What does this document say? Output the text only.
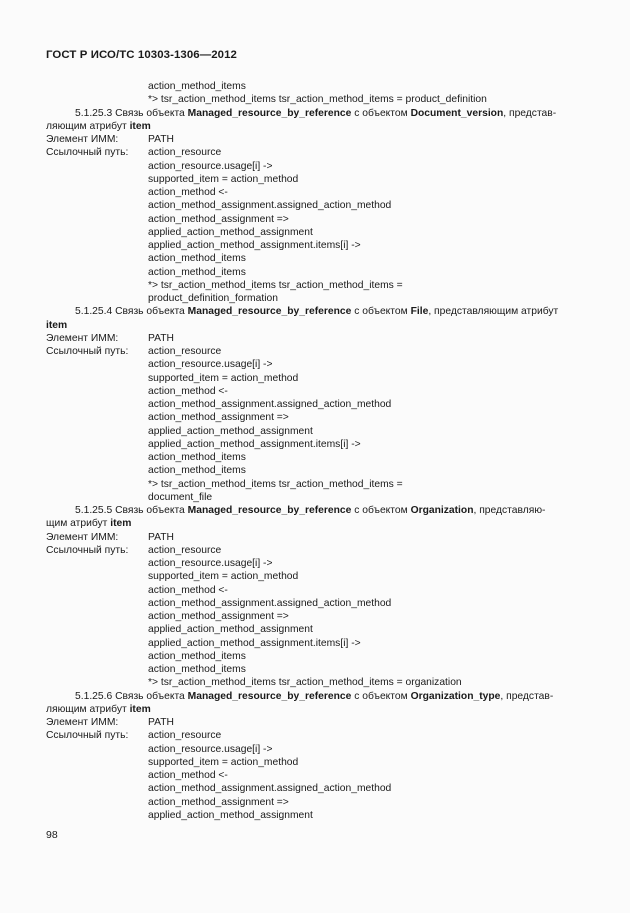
ГОСТ Р ИСО/ТС 10303-1306—2012
action_method_items
*> tsr_action_method_items tsr_action_method_items = product_definition
5.1.25.3 Связь объекта Managed_resource_by_reference с объектом Document_version, представ-
ляющим атрибут item
Элемент ИММ:	PATH
Ссылочный путь:	action_resource
action_resource.usage[i] ->
supported_item = action_method
action_method <-
action_method_assignment.assigned_action_method
action_method_assignment =>
applied_action_method_assignment
applied_action_method_assignment.items[i] ->
action_method_items
action_method_items
*> tsr_action_method_items tsr_action_method_items =
product_definition_formation
5.1.25.4 Связь объекта Managed_resource_by_reference с объектом File, представляющим атрибут
item
Элемент ИММ:	PATH
Ссылочный путь:	action_resource
action_resource.usage[i] ->
supported_item = action_method
action_method <-
action_method_assignment.assigned_action_method
action_method_assignment =>
applied_action_method_assignment
applied_action_method_assignment.items[i] ->
action_method_items
action_method_items
*> tsr_action_method_items tsr_action_method_items =
document_file
5.1.25.5 Связь объекта Managed_resource_by_reference с объектом Organization, представляю-
щим атрибут item
Элемент ИММ:	PATH
Ссылочный путь:	action_resource
action_resource.usage[i] ->
supported_item = action_method
action_method <-
action_method_assignment.assigned_action_method
action_method_assignment =>
applied_action_method_assignment
applied_action_method_assignment.items[i] ->
action_method_items
action_method_items
*> tsr_action_method_items tsr_action_method_items = organization
5.1.25.6 Связь объекта Managed_resource_by_reference с объектом Organization_type, представ-
ляющим атрибут item
Элемент ИММ:	PATH
Ссылочный путь:	action_resource
action_resource.usage[i] ->
supported_item = action_method
action_method <-
action_method_assignment.assigned_action_method
action_method_assignment =>
applied_action_method_assignment
98
